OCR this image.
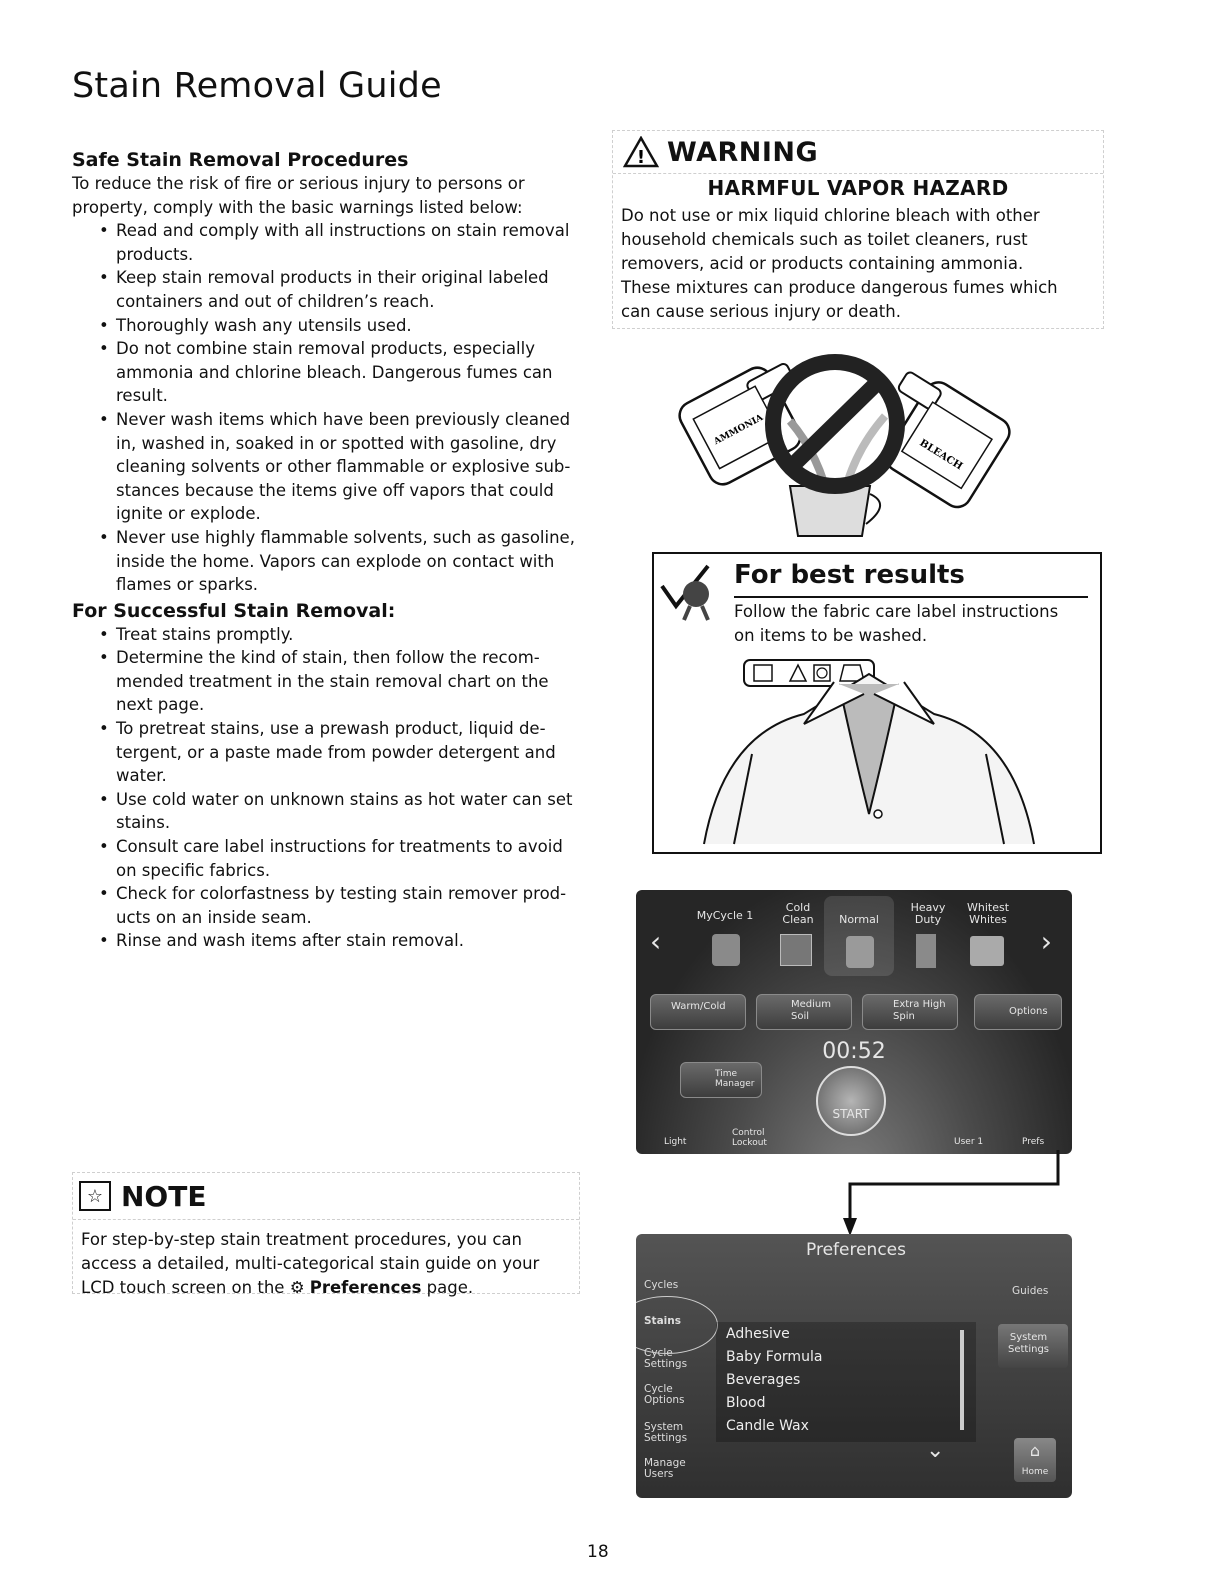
Stain Removal Guide
Safe Stain Removal Procedures

To reduce the risk of fire or serious injury to persons or property, comply with the basic warnings listed below:

• Read and comply with all instructions on stain removal
products.
• Keep stain removal products in their original labeled
containers and out of children’s reach.
• Thoroughly wash any utensils used.
• Do not combine stain removal products, especially
ammonia and chlorine bleach. Dangerous fumes can
result.
• Never wash items which have been previously cleaned
in, washed in, soaked in or spotted with gasoline, dry
cleaning solvents or other flammable or explosive sub-
stances because the items give off vapors that could
ignite or explode.
• Never use highly flammable solvents, such as gasoline,
inside the home. Vapors can explode on contact with
flames or sparks.
For Successful Stain Removal:
• Treat stains promptly.
• Determine the kind of stain, then follow the recom-
mended treatment in the stain removal chart on the
next page.
• To pretreat stains, use a prewash product, liquid de-
tergent, or a paste made from powder detergent and
water.
• Use cold water on unknown stains as hot water can set
stains.
• Consult care label instructions for treatments to avoid
on specific fabrics.
• Check for colorfastness by testing stain remover prod-
ucts on an inside seam.
• Rinse and wash items after stain removal.
☆ NOTE
For step-by-step stain treatment procedures, you can
access a detailed, multi-categorical stain guide on your
LCD touch screen on the ⚙ Preferences page.
! WARNING
HARMFUL VAPOR HAZARD
Do not use or mix liquid chlorine bleach with other
household chemicals such as toilet cleaners, rust
removers, acid or products containing ammonia.
These mixtures can produce dangerous fumes which
can cause serious injury or death.
AMMONIA
BLEACH
For best results
Follow the fabric care label instructions
on items to be washed.
‹	›
MyCycle 1
Cold
Clean	Normal
Heavy
Duty
Whitest
Whites
Warm/Cold	Medium
Soil
Extra High
Spin	Options
00:52
Time
Manager
START
Light
Control
Lockout	User 1	Prefs
Preferences
Cycles
Stains
Cycle
Settings
Cycle
Options
System
Settings
Manage
Users
Adhesive
Baby Formula
Beverages
Blood
Candle Wax
⌄
Guides
System
Settings
⌂
Home
18
